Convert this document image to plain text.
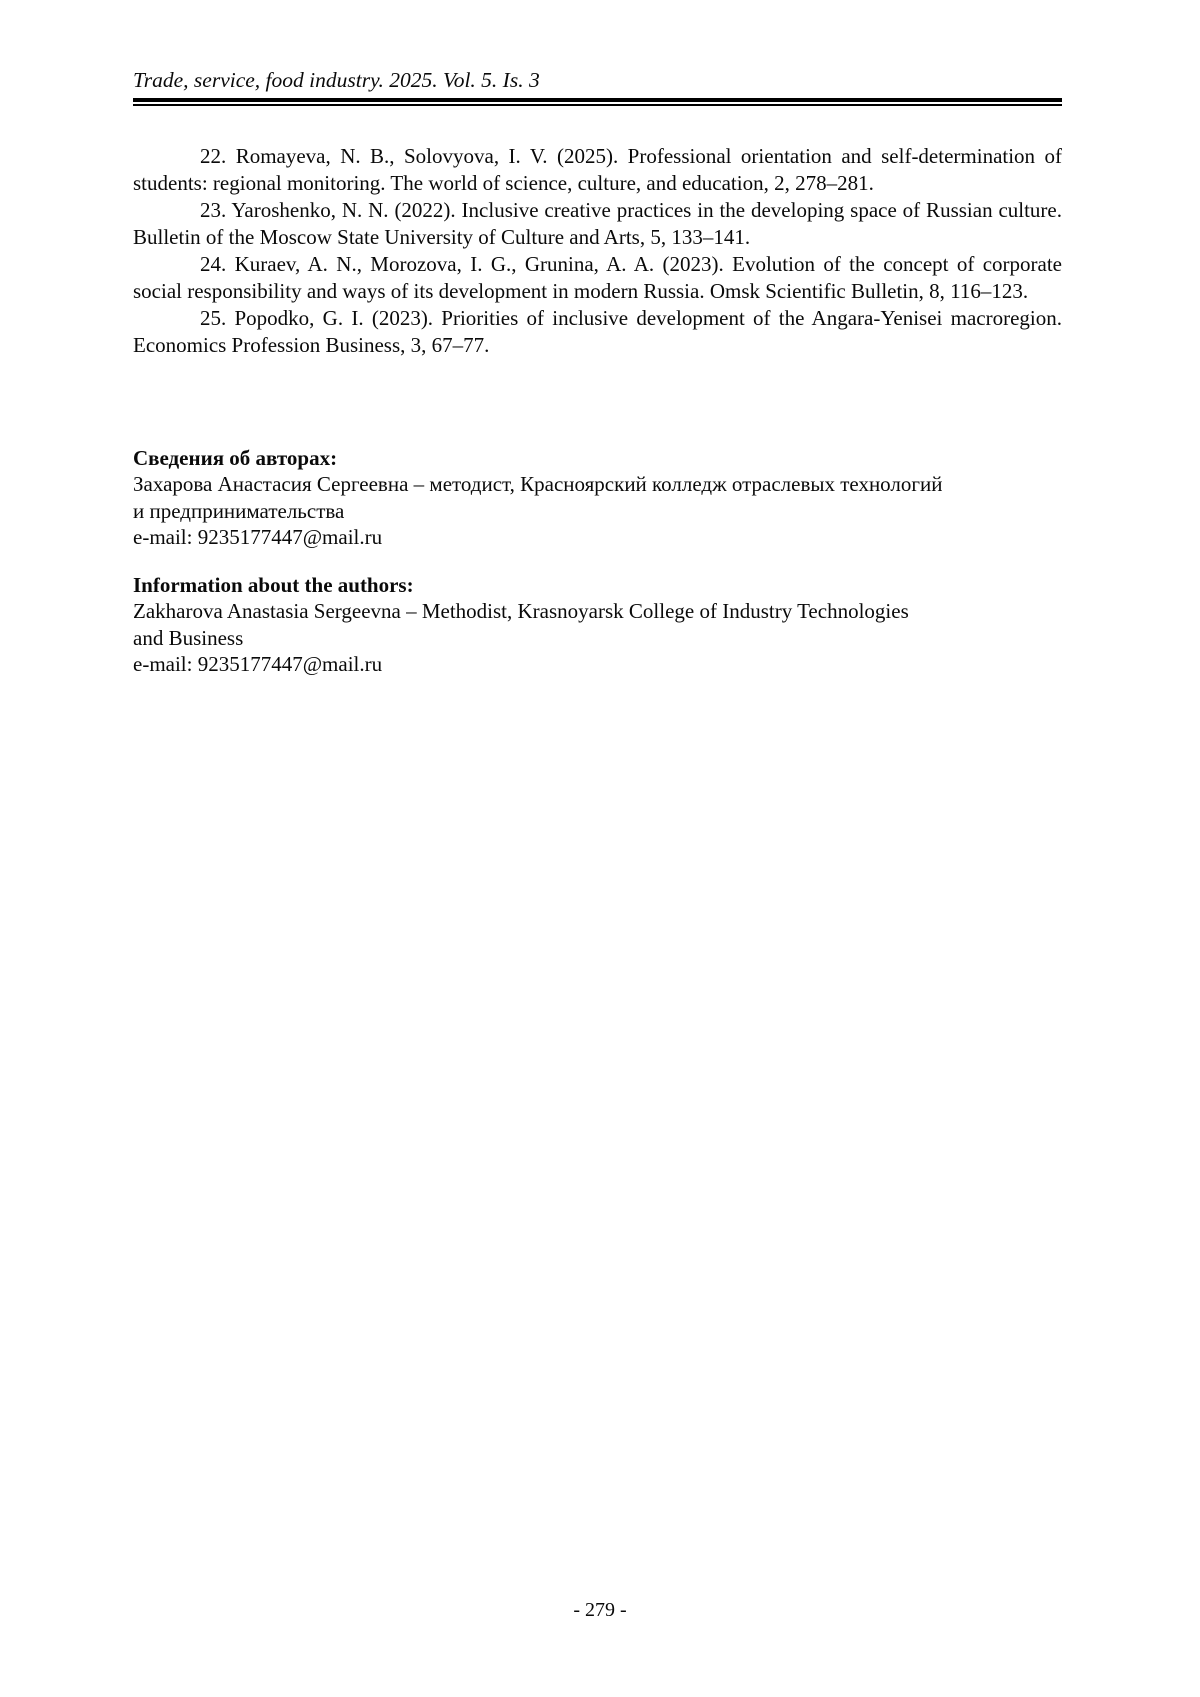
Trade, service, food industry. 2025. Vol. 5. Is. 3

22. Romayeva, N. B., Solovyova, I. V. (2025). Professional orientation and self-determination of students: regional monitoring. The world of science, culture, and education, 2, 278–281.

23. Yaroshenko, N. N. (2022). Inclusive creative practices in the developing space of Russian culture. Bulletin of the Moscow State University of Culture and Arts, 5, 133–141.

24. Kuraev, A. N., Morozova, I. G., Grunina, A. A. (2023). Evolution of the concept of corporate social responsibility and ways of its development in modern Russia. Omsk Scientific Bulletin, 8, 116–123.

25. Popodko, G. I. (2023). Priorities of inclusive development of the Angara-Yenisei macroregion. Economics Profession Business, 3, 67–77.

Сведения об авторах:

Захарова Анастасия Сергеевна – методист, Красноярский колледж отраслевых технологий

и предпринимательства

e-mail: 9235177447@mail.ru

Information about the authors:

Zakharova Anastasia Sergeevna – Methodist, Krasnoyarsk College of Industry Technologies

and Business

e-mail: 9235177447@mail.ru

- 279 -
